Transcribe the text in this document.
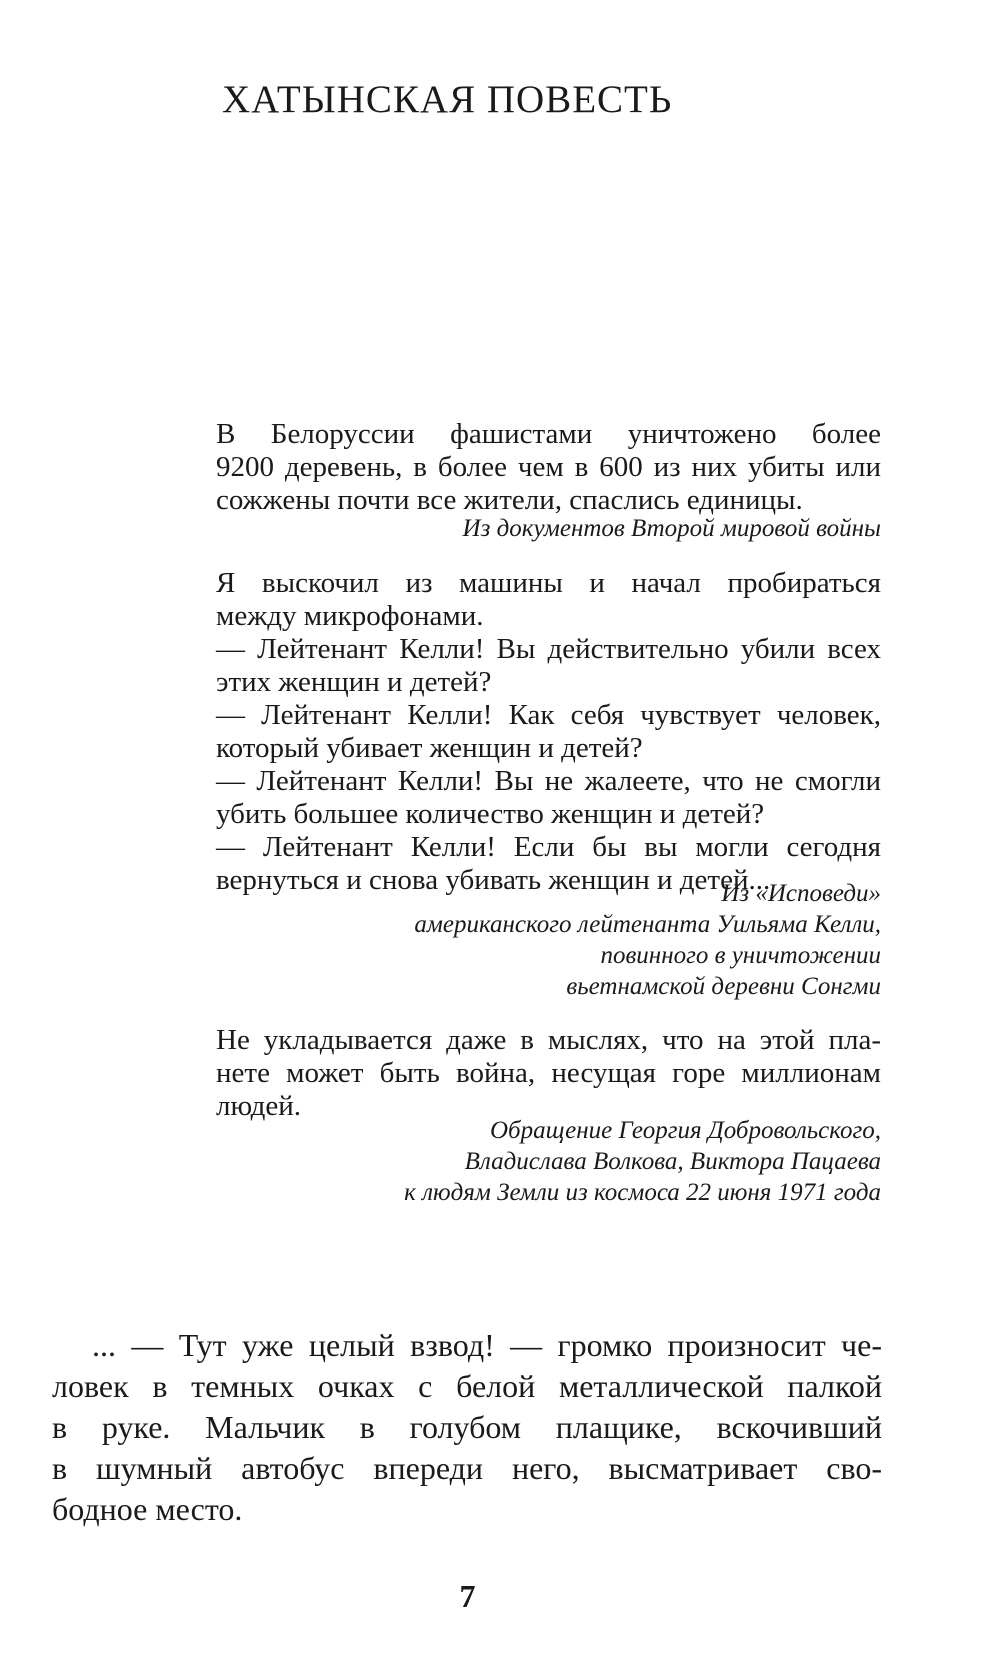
ХАТЫНСКАЯ ПОВЕСТЬ
В Белоруссии фашистами уничтожено более
9200 деревень, в более чем в 600 из них убиты или
сожжены почти все жители, спаслись единицы.
Из документов Второй мировой войны
Я выскочил из машины и начал пробираться
между микрофонами.
— Лейтенант Келли! Вы действительно убили всех
этих женщин и детей?
— Лейтенант Келли! Как себя чувствует человек,
который убивает женщин и детей?
— Лейтенант Келли! Вы не жалеете, что не смогли
убить большее количество женщин и детей?
— Лейтенант Келли! Если бы вы могли сегодня
вернуться и снова убивать женщин и детей...
Из «Исповеди»
американского лейтенанта Уильяма Келли,
повинного в уничтожении
вьетнамской деревни Сонгми
Не укладывается даже в мыслях, что на этой пла-
нете может быть война, несущая горе миллионам
людей.
Обращение Георгия Добровольского,
Владислава Волкова, Виктора Пацаева
к людям Земли из космоса 22 июня 1971 года
... — Тут уже целый взвод! — громко произносит че-
ловек в темных очках с белой металлической палкой
в руке. Мальчик в голубом плащике, вскочивший
в шумный автобус впереди него, высматривает сво-
бодное место.
7
